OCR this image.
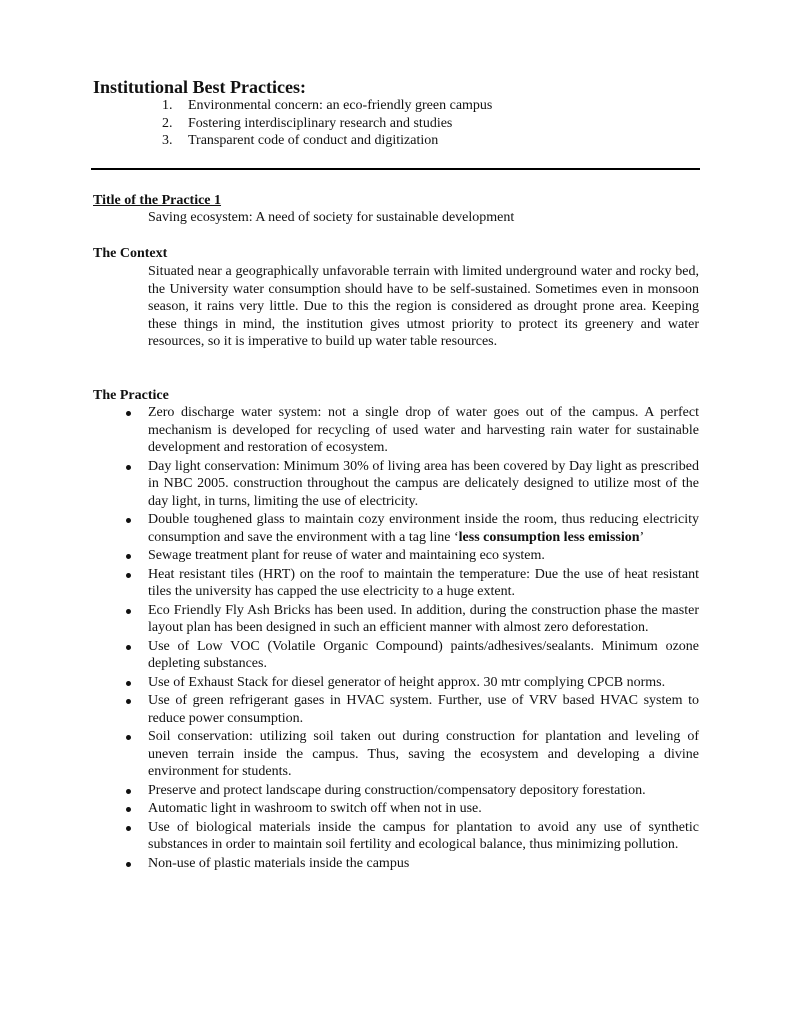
Institutional Best Practices:
1. Environmental concern: an eco-friendly green campus
2. Fostering interdisciplinary research and studies
3. Transparent code of conduct and digitization
Title of the Practice 1

Saving ecosystem: A need of society for sustainable development

The Context

Situated near a geographically unfavorable terrain with limited underground water and rocky bed, the University water consumption should have to be self-sustained. Sometimes even in monsoon season, it rains very little. Due to this the region is considered as drought prone area. Keeping these things in mind, the institution gives utmost priority to protect its greenery and water resources, so it is imperative to build up water table resources.

The Practice
Zero discharge water system: not a single drop of water goes out of the campus. A perfect mechanism is developed for recycling of used water and harvesting rain water for sustainable development and restoration of ecosystem.
Day light conservation: Minimum 30% of living area has been covered by Day light as prescribed in NBC 2005. construction throughout the campus are delicately designed to utilize most of the day light, in turns, limiting the use of electricity.
Double toughened glass to maintain cozy environment inside the room, thus reducing electricity consumption and save the environment with a tag line ‘less consumption less emission’
Sewage treatment plant for reuse of water and maintaining eco system.
Heat resistant tiles (HRT) on the roof to maintain the temperature: Due the use of heat resistant tiles the university has capped the use electricity to a huge extent.
Eco Friendly Fly Ash Bricks has been used. In addition, during the construction phase the master layout plan has been designed in such an efficient manner with almost zero deforestation.
Use of Low VOC (Volatile Organic Compound) paints/adhesives/sealants. Minimum ozone depleting substances.
Use of Exhaust Stack for diesel generator of height approx. 30 mtr complying CPCB norms.
Use of green refrigerant gases in HVAC system. Further, use of VRV based HVAC system to reduce power consumption.
Soil conservation: utilizing soil taken out during construction for plantation and leveling of uneven terrain inside the campus. Thus, saving the ecosystem and developing a divine environment for students.
Preserve and protect landscape during construction/compensatory depository forestation.
Automatic light in washroom to switch off when not in use.
Use of biological materials inside the campus for plantation to avoid any use of synthetic substances in order to maintain soil fertility and ecological balance, thus minimizing pollution.
Non-use of plastic materials inside the campus
